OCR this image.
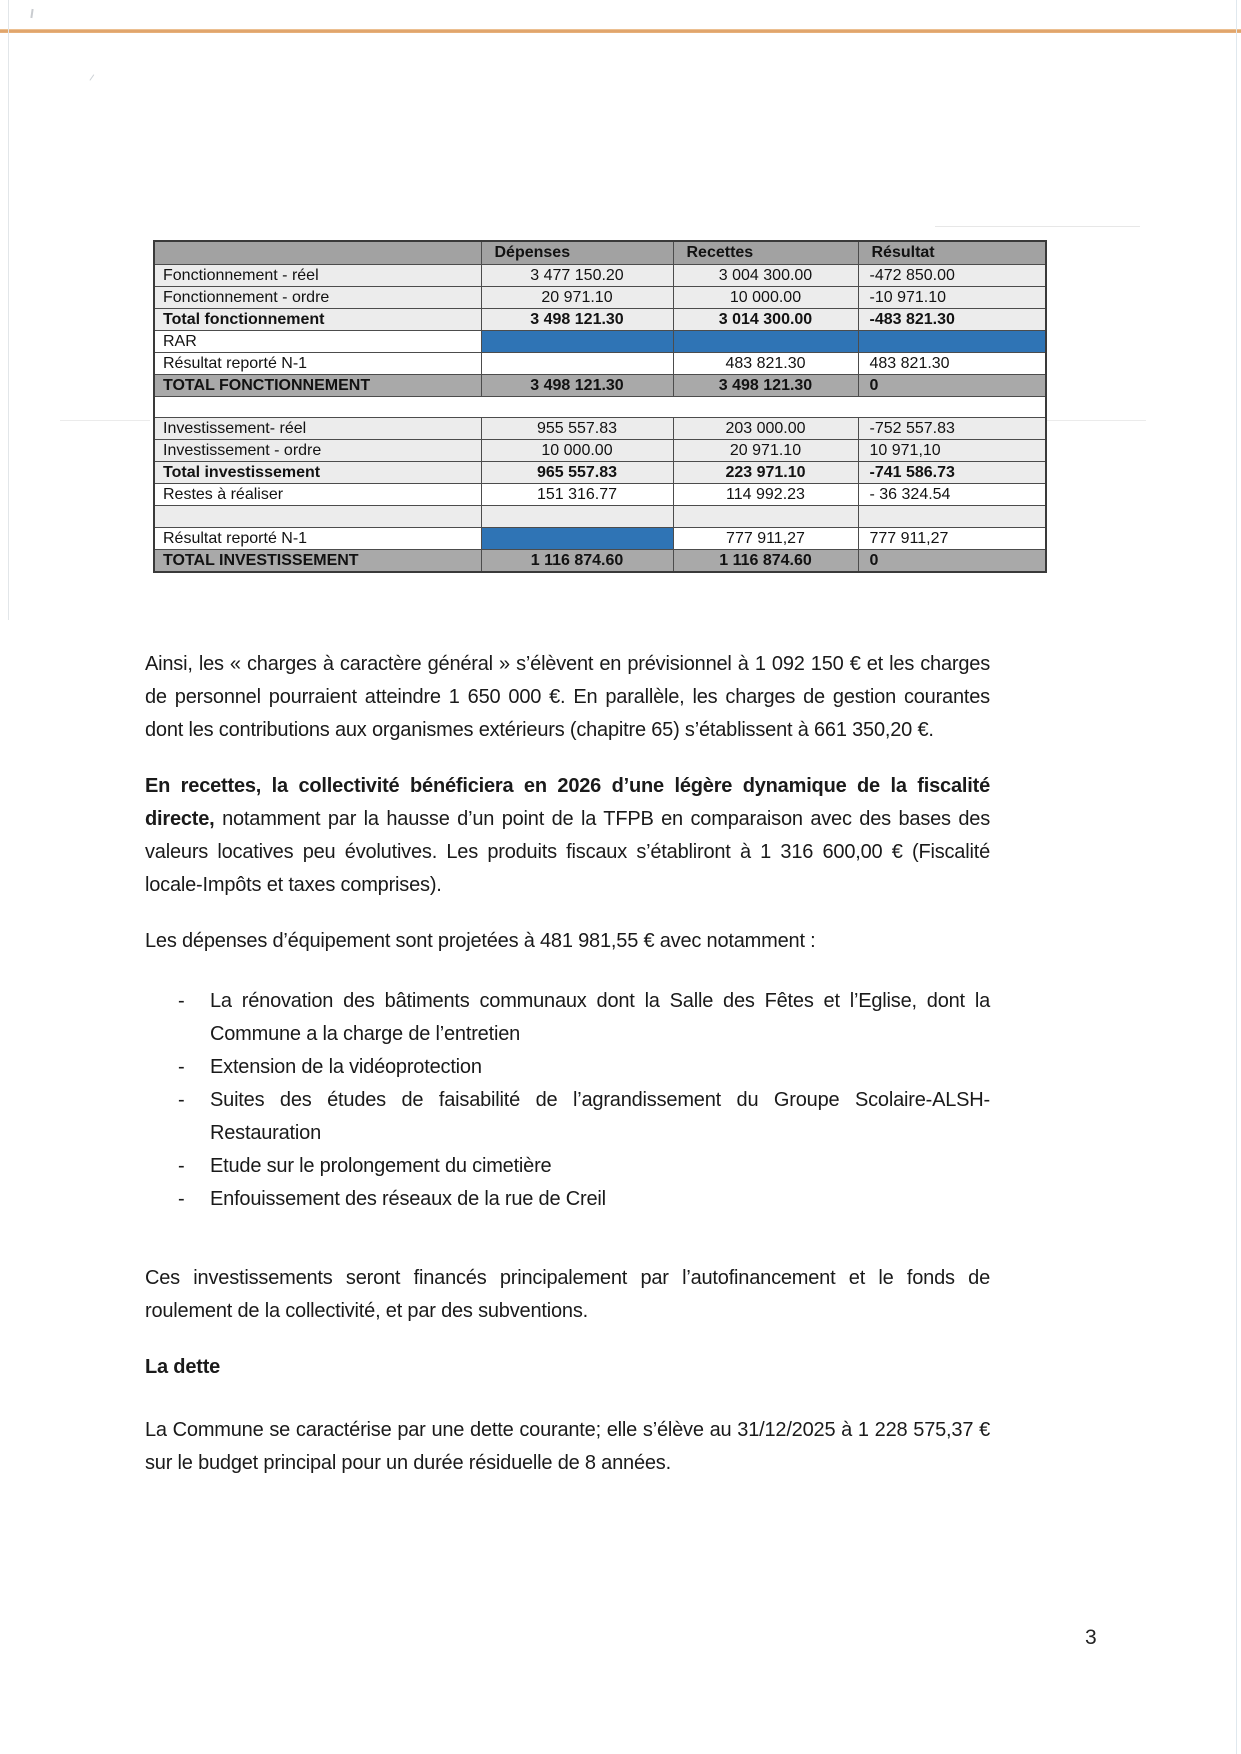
	Dépenses	Recettes	Résultat
Fonctionnement - réel	3 477 150.20	3 004 300.00	-472 850.00
Fonctionnement - ordre	20 971.10	10 000.00	-10 971.10
Total fonctionnement	3 498 121.30	3 014 300.00	-483 821.30
RAR			
Résultat reporté N-1		483 821.30	483 821.30
TOTAL FONCTIONNEMENT	3 498 121.30	3 498 121.30	0

Investissement- réel	955 557.83	203 000.00	-752 557.83
Investissement - ordre	10 000.00	20 971.10	10 971,10
Total investissement	965 557.83	223 971.10	-741 586.73
Restes à réaliser	151 316.77	114 992.23	- 36 324.54

Résultat reporté N-1		777 911,27	777 911,27
TOTAL INVESTISSEMENT	1 116 874.60	1 116 874.60	0

Ainsi, les « charges à caractère général » s’élèvent en prévisionnel à 1 092 150 € et les charges de personnel pourraient atteindre 1 650 000 €. En parallèle, les charges de gestion courantes dont les contributions aux organismes extérieurs (chapitre 65) s’établissent à 661 350,20 €.

En recettes, la collectivité bénéficiera en 2026 d’une légère dynamique de la fiscalité directe, notamment par la hausse d’un point de la TFPB en comparaison avec des bases des valeurs locatives peu évolutives. Les produits fiscaux s’établiront à 1 316 600,00 € (Fiscalité locale-Impôts et taxes comprises).

Les dépenses d’équipement sont projetées à 481 981,55 € avec notamment :

- La rénovation des bâtiments communaux dont la Salle des Fêtes et l’Eglise, dont la Commune a la charge de l’entretien
- Extension de la vidéoprotection
- Suites des études de faisabilité de l’agrandissement du Groupe Scolaire-ALSH-Restauration
- Etude sur le prolongement du cimetière
- Enfouissement des réseaux de la rue de Creil

Ces investissements seront financés principalement par l’autofinancement et le fonds de roulement de la collectivité, et par des subventions.

La dette

La Commune se caractérise par une dette courante; elle s’élève au 31/12/2025 à 1 228 575,37 € sur le budget principal pour un durée résiduelle de 8 années.

3
